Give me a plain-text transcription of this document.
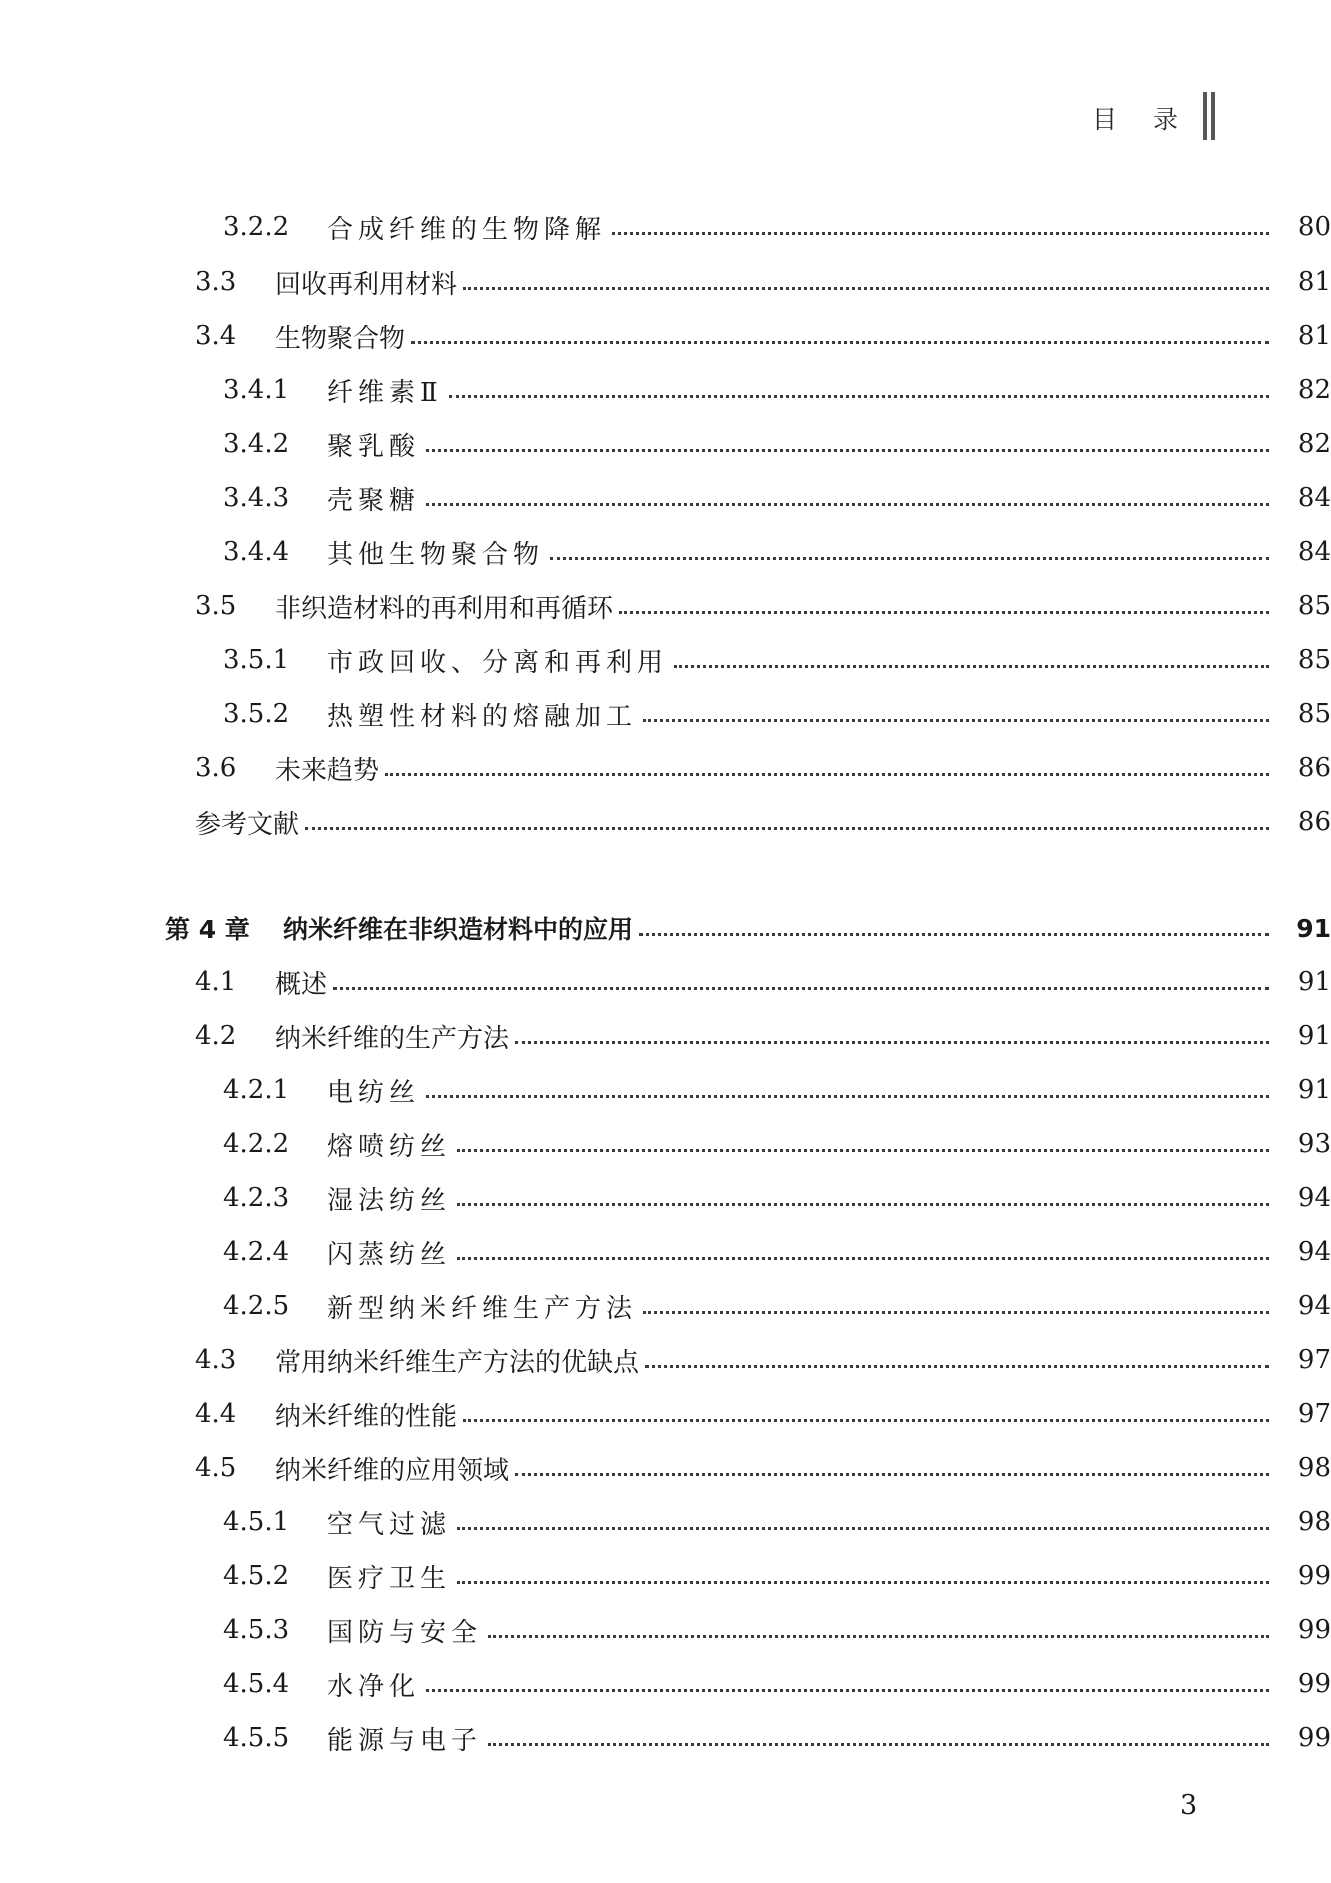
目 录
3.2.2	合成纤维的生物降解	80
3.3	回收再利用材料	81
3.4	生物聚合物	81
3.4.1	纤维素Ⅱ	82
3.4.2	聚乳酸	82
3.4.3	壳聚糖	84
3.4.4	其他生物聚合物	84
3.5	非织造材料的再利用和再循环	85
3.5.1	市政回收、分离和再利用	85
3.5.2	热塑性材料的熔融加工	85
3.6	未来趋势	86
参考文献	86
第 4 章	纳米纤维在非织造材料中的应用	91
4.1	概述	91
4.2	纳米纤维的生产方法	91
4.2.1	电纺丝	91
4.2.2	熔喷纺丝	93
4.2.3	湿法纺丝	94
4.2.4	闪蒸纺丝	94
4.2.5	新型纳米纤维生产方法	94
4.3	常用纳米纤维生产方法的优缺点	97
4.4	纳米纤维的性能	97
4.5	纳米纤维的应用领域	98
4.5.1	空气过滤	98
4.5.2	医疗卫生	99
4.5.3	国防与安全	99
4.5.4	水净化	99
4.5.5	能源与电子	99
3
